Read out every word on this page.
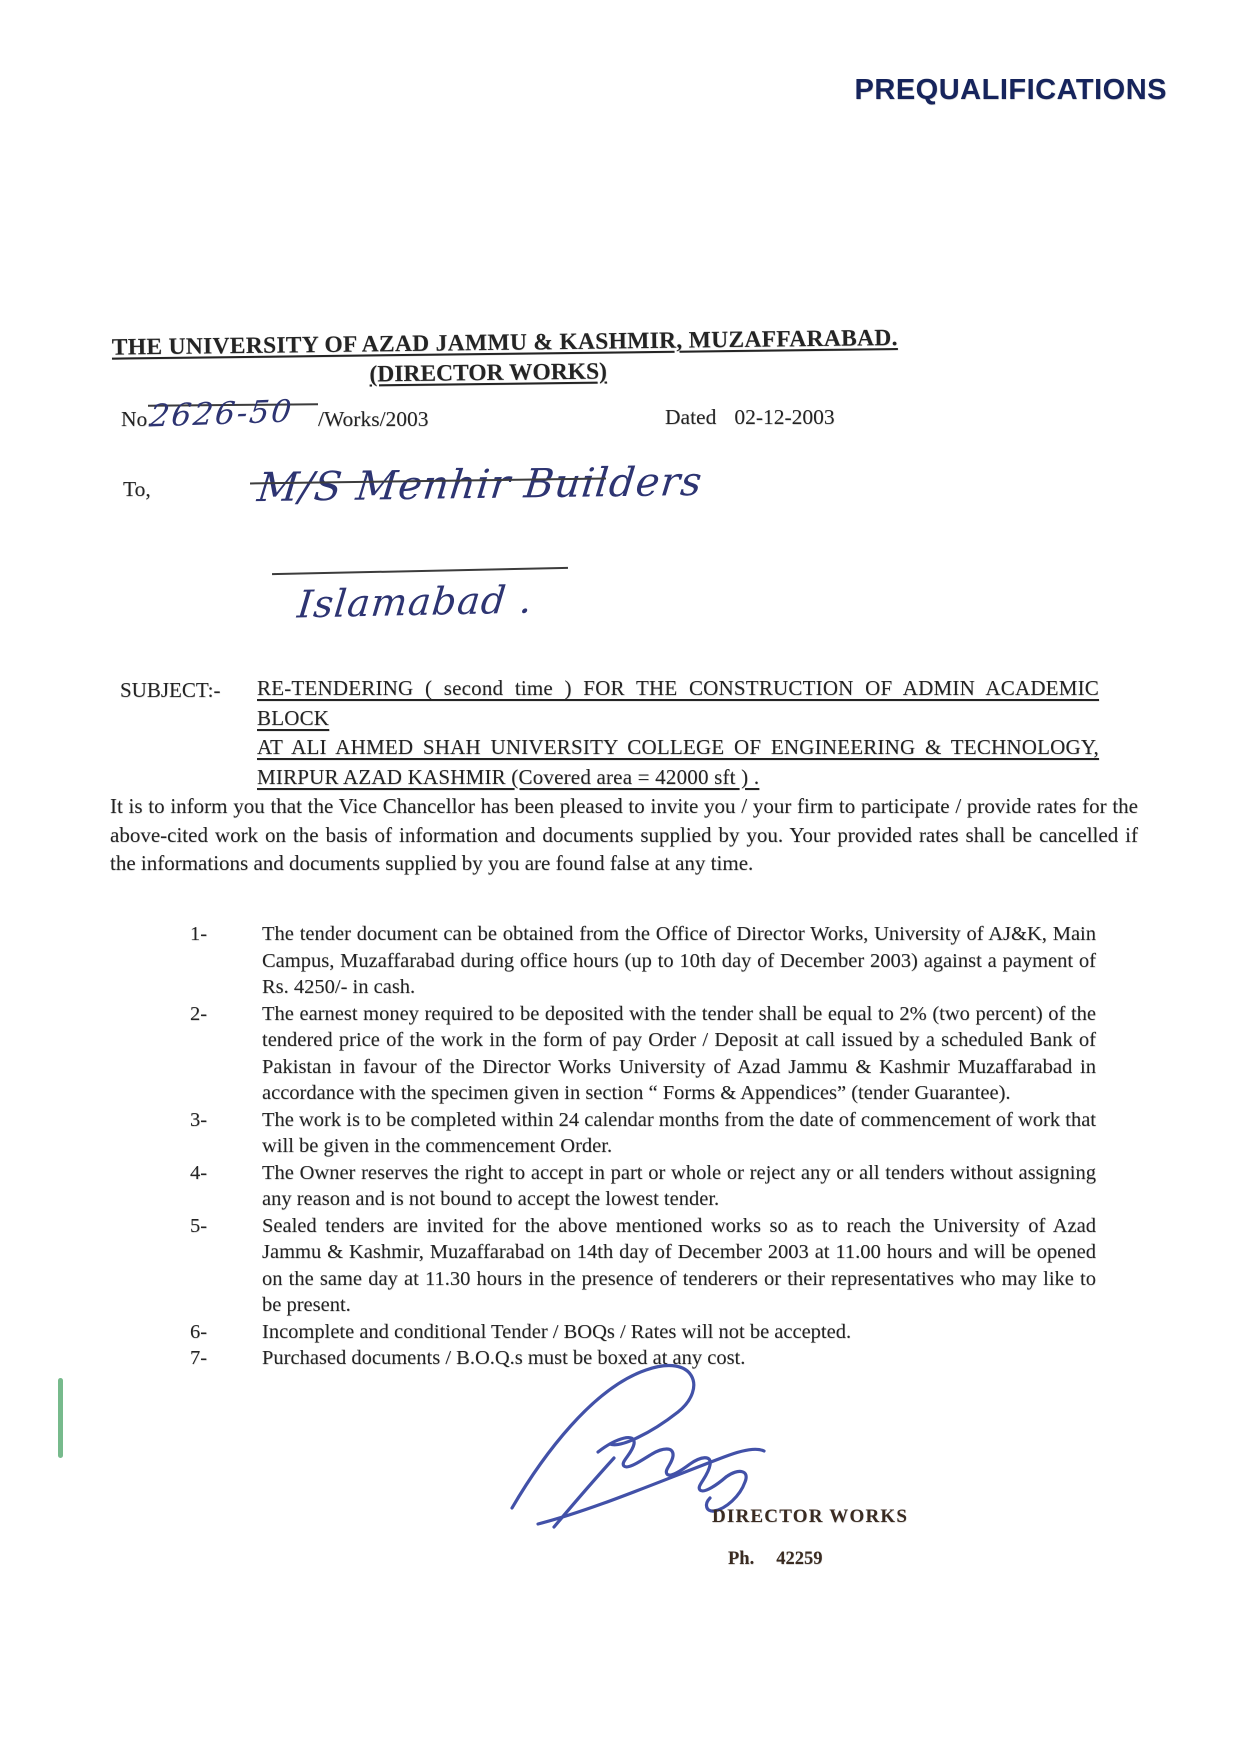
PREQUALIFICATIONS
THE UNIVERSITY OF AZAD JAMMU & KASHMIR, MUZAFFARABAD.
(DIRECTOR WORKS)
No.
2626-50 /Works/2003	Dated 02-12-2003
To,	M/S Menhir Builders
Islamabad .
SUBJECT:- RE-TENDERING ( second time ) FOR THE CONSTRUCTION OF ADMIN ACADEMIC BLOCK
AT ALI AHMED SHAH UNIVERSITY COLLEGE OF ENGINEERING & TECHNOLOGY,
MIRPUR AZAD KASHMIR (Covered area = 42000 sft ) .
It is to inform you that the Vice Chancellor has been pleased to invite you / your firm to participate / provide rates for the above-cited work on the basis of information and documents supplied by you. Your provided rates shall be cancelled if the informations and documents supplied by you are found false at any time.
1-	The tender document can be obtained from the Office of Director Works, University of AJ&K, Main Campus, Muzaffarabad during office hours (up to 10th day of December 2003) against a payment of Rs. 4250/- in cash.
2-	The earnest money required to be deposited with the tender shall be equal to 2% (two percent) of the tendered price of the work in the form of pay Order / Deposit at call issued by a scheduled Bank of Pakistan in favour of the Director Works University of Azad Jammu & Kashmir Muzaffarabad in accordance with the specimen given in section “ Forms & Appendices” (tender Guarantee).
3-	The work is to be completed within 24 calendar months from the date of commencement of work that will be given in the commencement Order.
4-	The Owner reserves the right to accept in part or whole or reject any or all tenders without assigning any reason and is not bound to accept the lowest tender.
5-	Sealed tenders are invited for the above mentioned works so as to reach the University of Azad Jammu & Kashmir, Muzaffarabad on 14th day of December 2003 at 11.00 hours and will be opened on the same day at 11.30 hours in the presence of tenderers or their representatives who may like to be present.
6-	Incomplete and conditional Tender / BOQs / Rates will not be accepted.
7-	Purchased documents / B.O.Q.s must be boxed at any cost.
DIRECTOR WORKS
Ph. 42259
